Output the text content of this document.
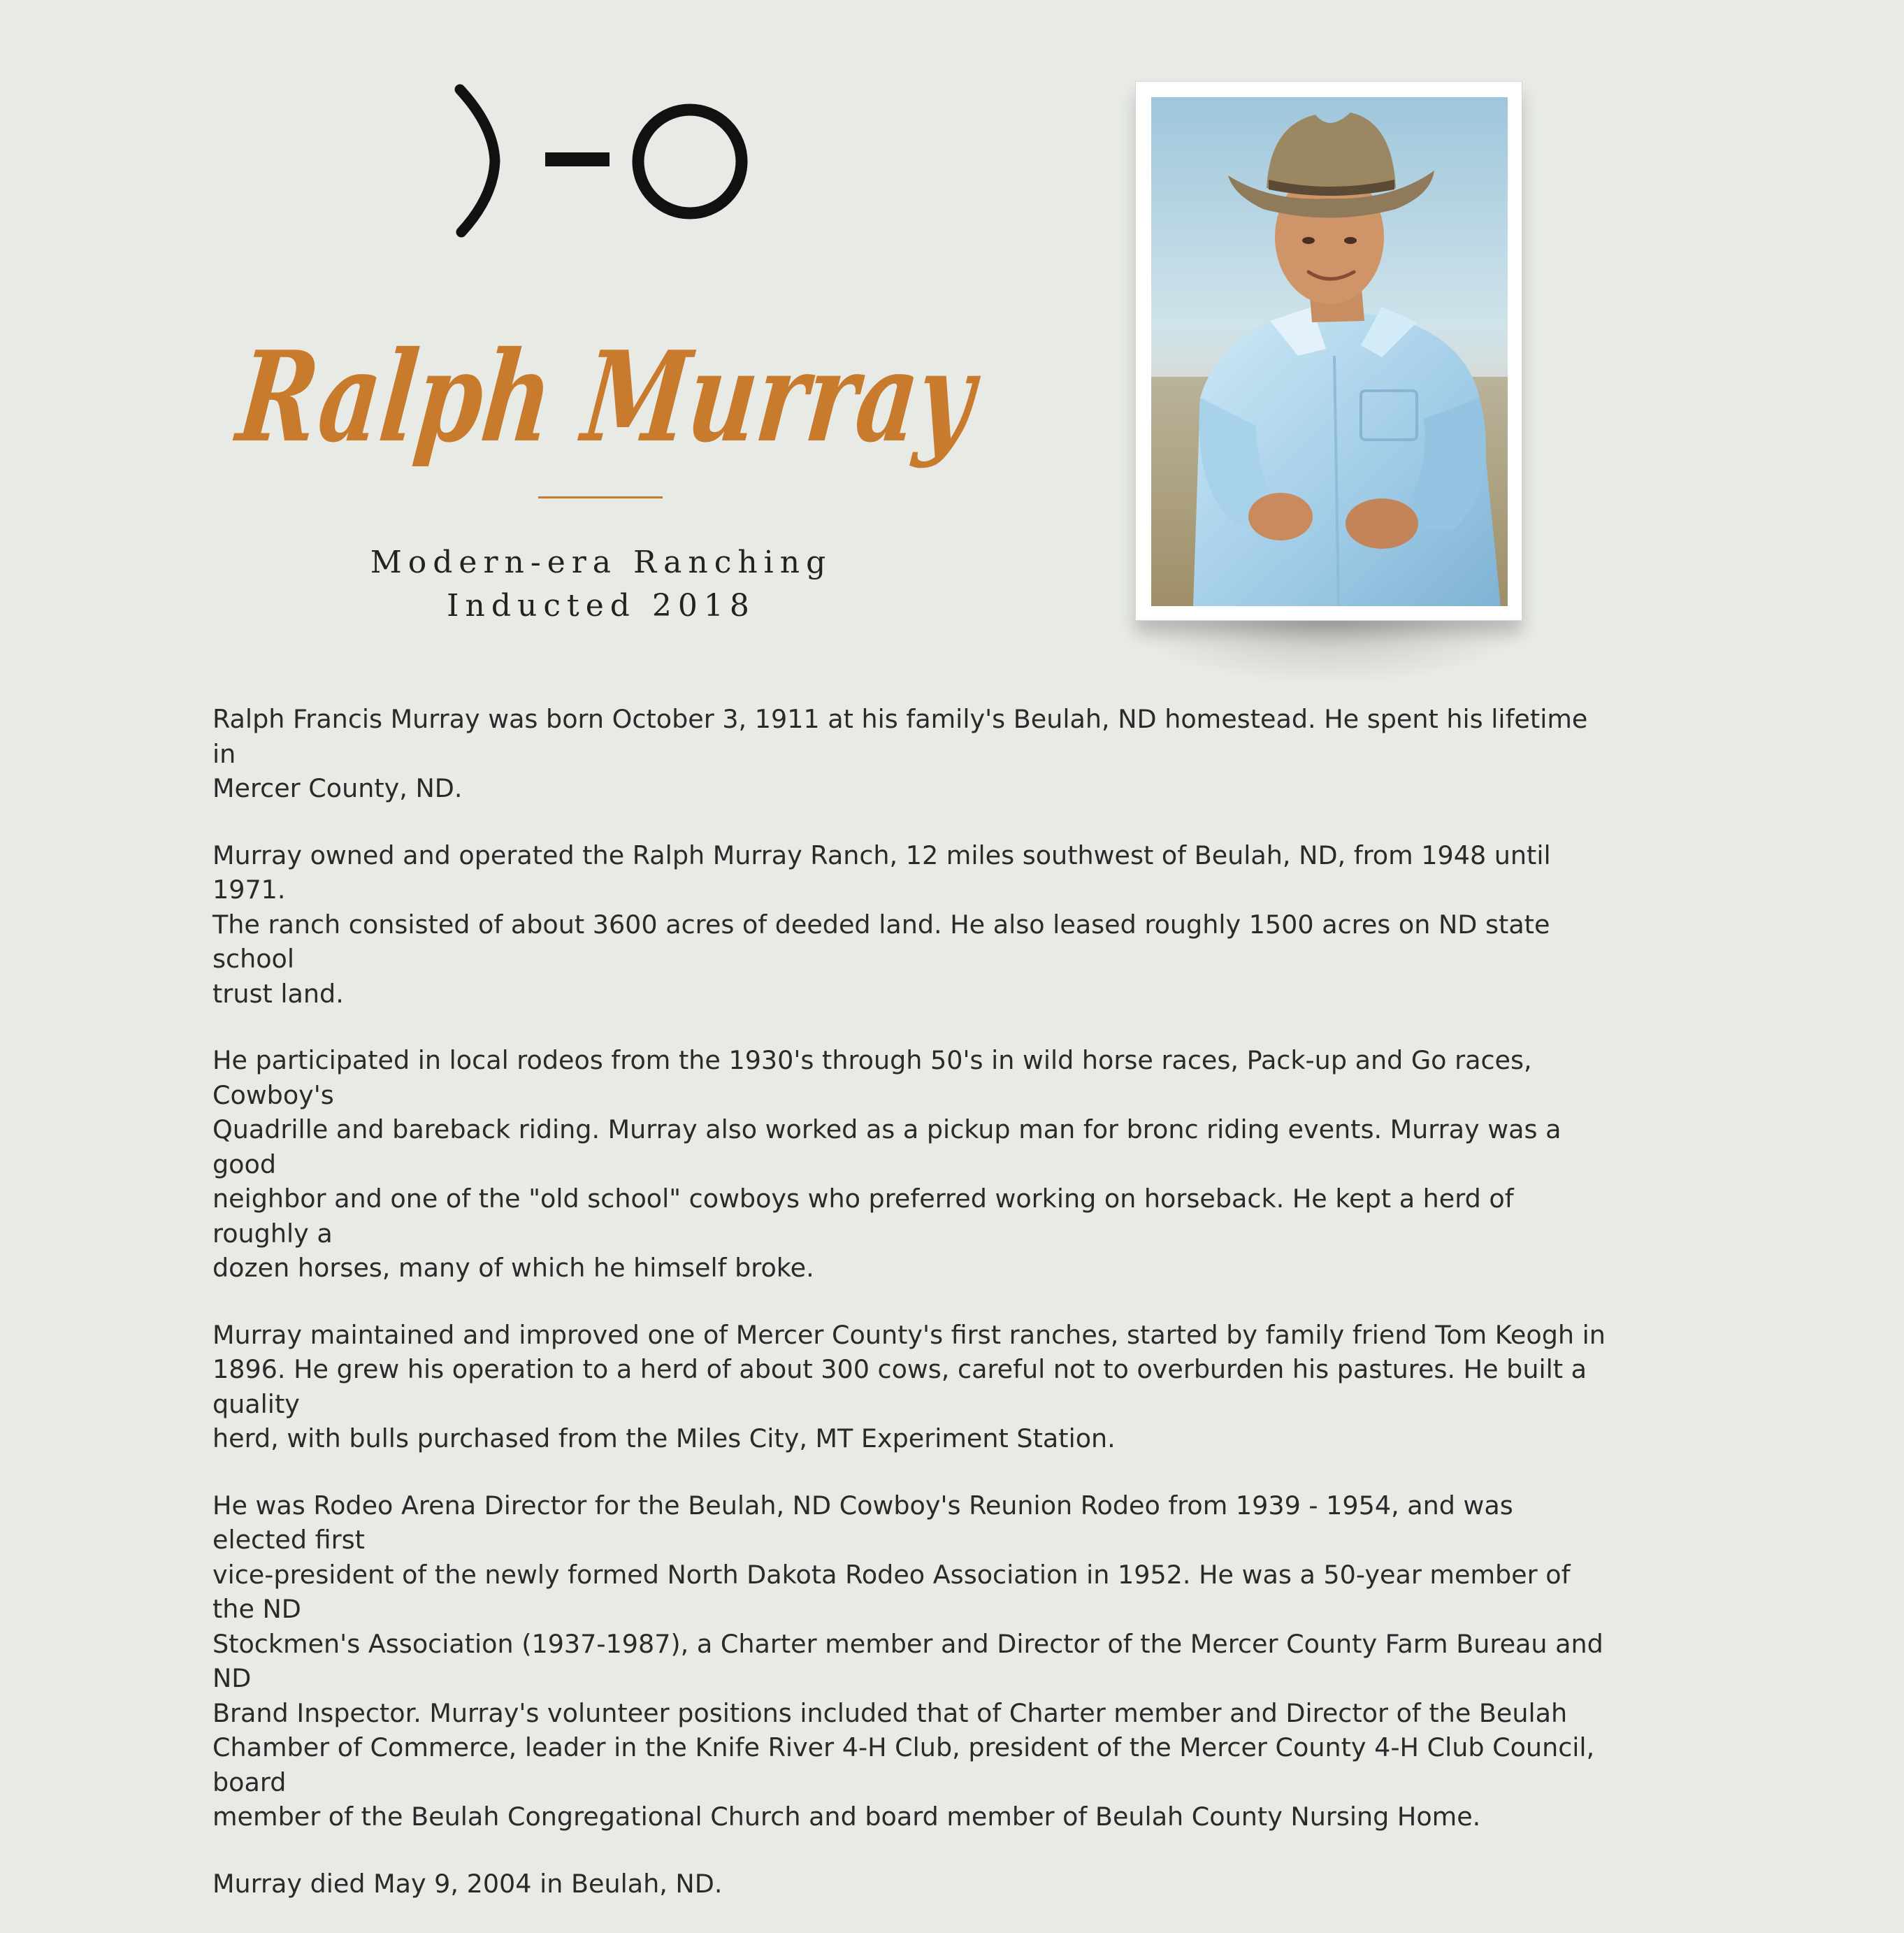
Ralph Murray
Modern-era Ranching
Inducted 2018

Ralph Francis Murray was born October 3, 1911 at his family's Beulah, ND homestead. He spent his lifetime in
Mercer County, ND.

Murray owned and operated the Ralph Murray Ranch, 12 miles southwest of Beulah, ND, from 1948 until 1971.
The ranch consisted of about 3600 acres of deeded land. He also leased roughly 1500 acres on ND state school
trust land.

He participated in local rodeos from the 1930's through 50's in wild horse races, Pack-up and Go races, Cowboy's
Quadrille and bareback riding. Murray also worked as a pickup man for bronc riding events. Murray was a good
neighbor and one of the "old school" cowboys who preferred working on horseback. He kept a herd of roughly a
dozen horses, many of which he himself broke.

Murray maintained and improved one of Mercer County's first ranches, started by family friend Tom Keogh in
1896. He grew his operation to a herd of about 300 cows, careful not to overburden his pastures. He built a quality
herd, with bulls purchased from the Miles City, MT Experiment Station.

He was Rodeo Arena Director for the Beulah, ND Cowboy's Reunion Rodeo from 1939 - 1954, and was elected first
vice-president of the newly formed North Dakota Rodeo Association in 1952. He was a 50-year member of the ND
Stockmen's Association (1937-1987), a Charter member and Director of the Mercer County Farm Bureau and ND
Brand Inspector. Murray's volunteer positions included that of Charter member and Director of the Beulah
Chamber of Commerce, leader in the Knife River 4-H Club, president of the Mercer County 4-H Club Council, board
member of the Beulah Congregational Church and board member of Beulah County Nursing Home.

Murray died May 9, 2004 in Beulah, ND.
